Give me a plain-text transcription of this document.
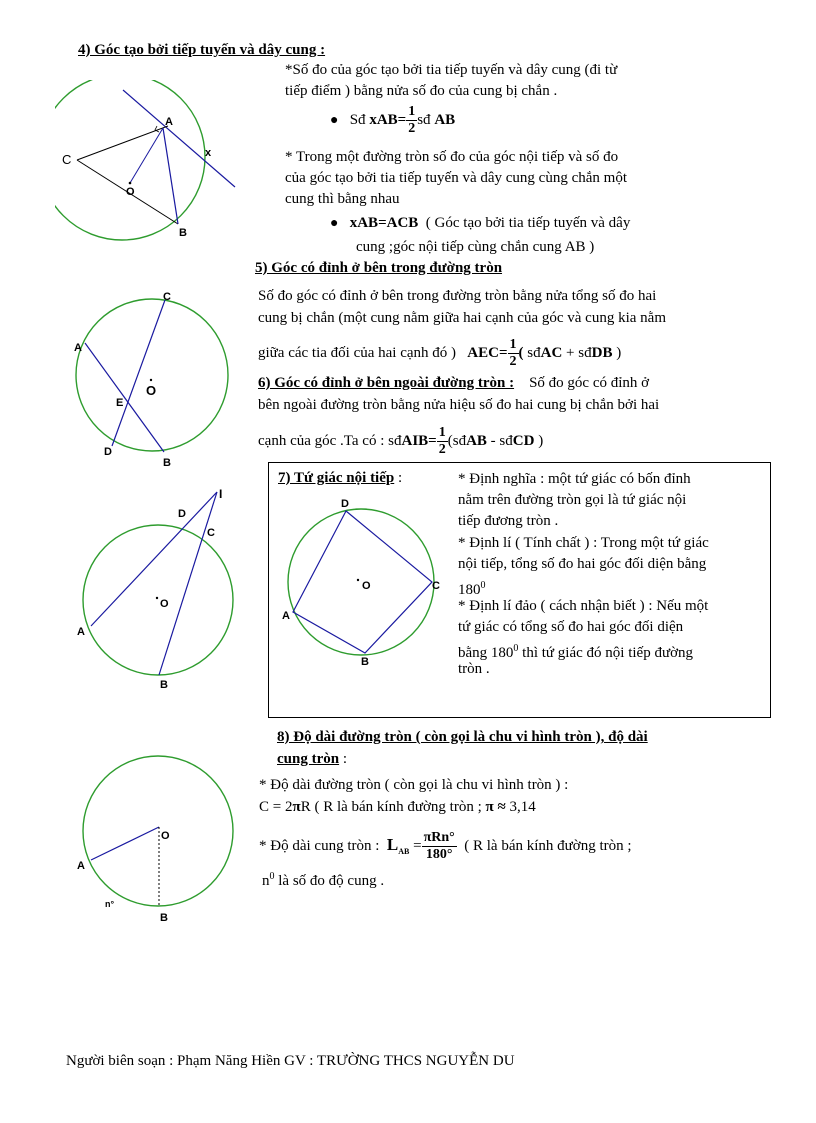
4) Góc tạo bởi tiếp tuyến và dây cung :
C
A
O
B
x
*Số đo của góc tạo bởi tia tiếp tuyến và dây cung (đi từ
tiếp điểm ) bằng nửa số đo của cung bị chắn .
● Sđ $xAB= \frac{1}{2}$ sđ AB
* Trong một đường tròn số đo của góc nội tiếp và số đo
của góc tạo bởi tia tiếp tuyến và dây cung cùng chắn một
cung thì bằng nhau
● xAB=ACB ( Góc tạo bởi tia tiếp tuyến và dây
cung ;góc nội tiếp cùng chắn cung AB )
5) Góc có đỉnh ở bên trong đường tròn
C
A
O
E
D
B
Số đo góc có đỉnh ở bên trong đường tròn bằng nửa tổng số đo hai
cung bị chắn (một cung nằm giữa hai cạnh của góc và cung kia nằm
giữa các tia đối của hai cạnh đó ) $AEC= \frac{1}{2}$ ( sđAC + sđDB )
6) Góc có đỉnh ở bên ngoài đường tròn : Số đo góc có đỉnh ở
bên ngoài đường tròn bằng nửa hiệu số đo hai cung bị chắn bởi hai
cạnh của góc .Ta có : sđAIB= $\frac{1}{2}$ (sđAB - sđCD )
I
D
C
O
A
B
7) Tứ giác nội tiếp :
D
C
O
A
B
* Định nghĩa : một tứ giác có bốn đỉnh
nằm trên đường tròn gọi là tứ giác nội
tiếp đương tròn .
* Định lí ( Tính chất ) : Trong một tứ giác
nội tiếp, tổng số đo hai góc đối diện bằng
$180^0$
* Định lí đảo ( cách nhận biết ) : Nếu một
tứ giác có tổng số đo hai góc đối diện
bằng $180^0$ thì tứ giác đó nội tiếp đường
tròn .
8) Độ dài đường tròn ( còn gọi là chu vi hình tròn ), độ dài
cung tròn :
O
A
n°
B
* Độ dài đường tròn ( còn gọi là chu vi hình tròn ) :
C = 2πR ( R là bán kính đường tròn ; π ≈ 3,14
* Độ dài cung tròn : $L_{AB} = \frac{\text{πRn°}}{180^\circ}$ ( R là bán kính đường tròn ;
$n^0$ là số đo độ cung .
Người biên soạn : Phạm Năng Hiền GV : TRƯỜNG THCS NGUYỄN DU
